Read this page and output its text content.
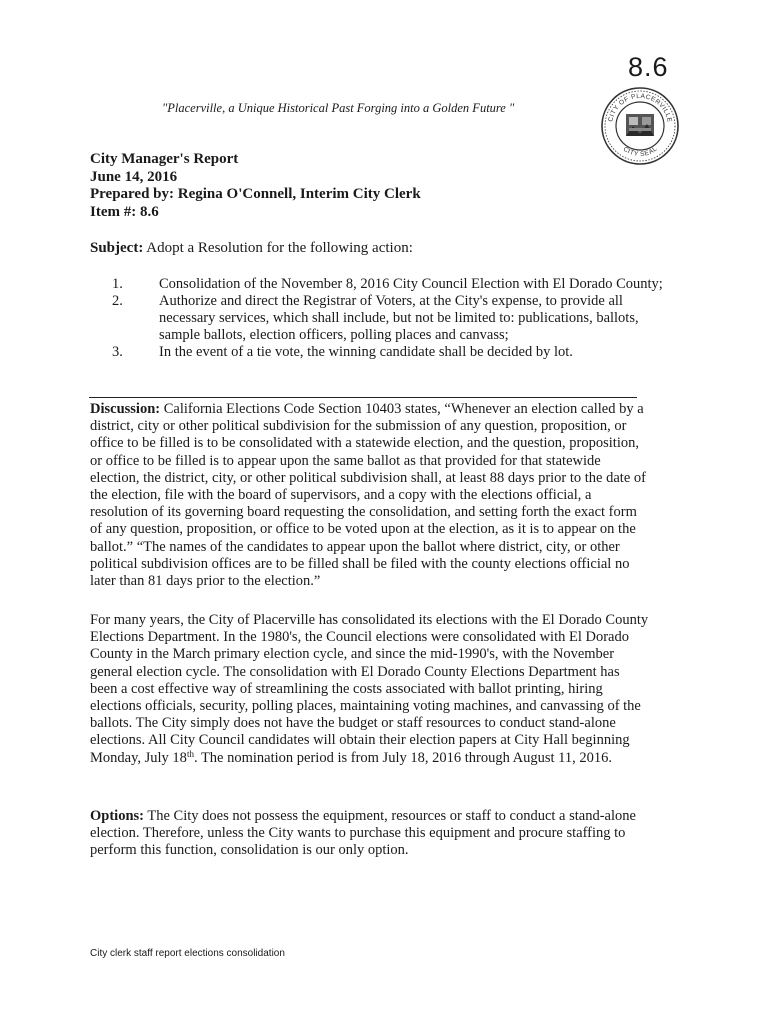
8.6
"Placerville, a Unique Historical Past Forging into a Golden Future "
CITY OF PLACERVILLE
CITY SEAL
City Manager's Report
June 14, 2016
Prepared by: Regina O'Connell, Interim City Clerk
Item #: 8.6
Subject: Adopt a Resolution for the following action:
1. Consolidation of the November 8, 2016 City Council Election with El Dorado County;
2. Authorize and direct the Registrar of Voters, at the City's expense, to provide all necessary services, which shall include, but not be limited to: publications, ballots, sample ballots, election officers, polling places and canvass;
3. In the event of a tie vote, the winning candidate shall be decided by lot.
Discussion: California Elections Code Section 10403 states, “Whenever an election called by a district, city or other political subdivision for the submission of any question, proposition, or office to be filled is to be consolidated with a statewide election, and the question, proposition, or office to be filled is to appear upon the same ballot as that provided for that statewide election, the district, city, or other political subdivision shall, at least 88 days prior to the date of the election, file with the board of supervisors, and a copy with the elections official, a resolution of its governing board requesting the consolidation, and setting forth the exact form of any question, proposition, or office to be voted upon at the election, as it is to appear on the ballot.” “The names of the candidates to appear upon the ballot where district, city, or other political subdivision offices are to be filled shall be filed with the county elections official no later than 81 days prior to the election.”
For many years, the City of Placerville has consolidated its elections with the El Dorado County Elections Department. In the 1980's, the Council elections were consolidated with El Dorado County in the March primary election cycle, and since the mid-1990's, with the November general election cycle. The consolidation with El Dorado County Elections Department has been a cost effective way of streamlining the costs associated with ballot printing, hiring elections officials, security, polling places, maintaining voting machines, and canvassing of the ballots. The City simply does not have the budget or staff resources to conduct stand-alone elections. All City Council candidates will obtain their election papers at City Hall beginning Monday, July 18th. The nomination period is from July 18, 2016 through August 11, 2016.
Options: The City does not possess the equipment, resources or staff to conduct a stand-alone election. Therefore, unless the City wants to purchase this equipment and procure staffing to perform this function, consolidation is our only option.
City clerk staff report elections consolidation
